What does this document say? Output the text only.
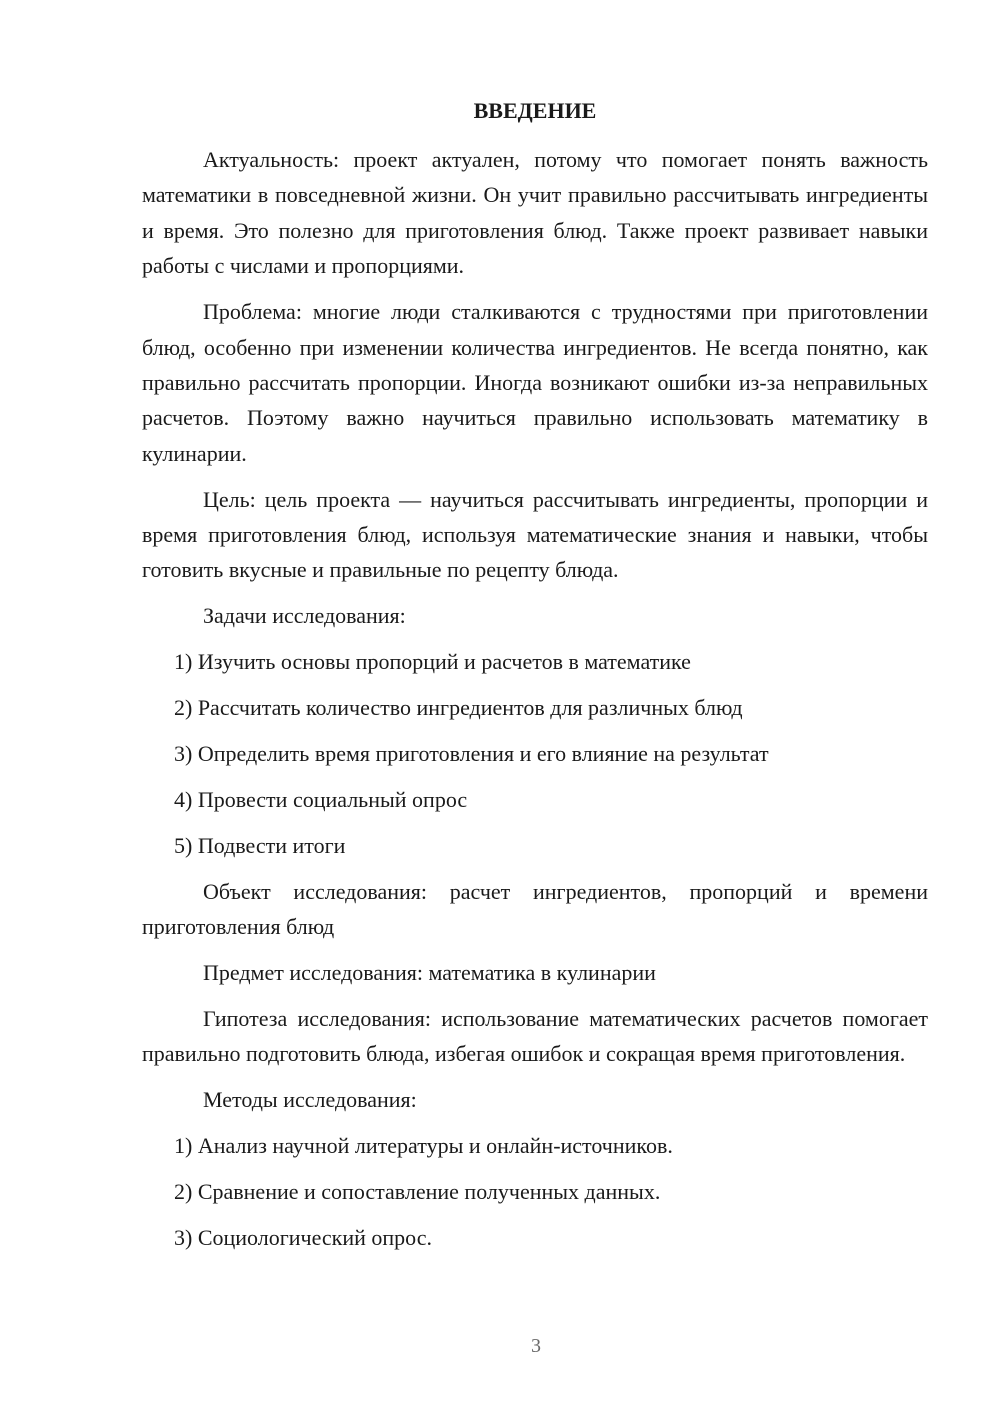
ВВЕДЕНИЕ

Актуальность: проект актуален, потому что помогает понять важность математики в повседневной жизни. Он учит правильно рассчитывать ингредиенты и время. Это полезно для приготовления блюд. Также проект развивает навыки работы с числами и пропорциями.

Проблема: многие люди сталкиваются с трудностями при приготовлении блюд, особенно при изменении количества ингредиентов. Не всегда понятно, как правильно рассчитать пропорции. Иногда возникают ошибки из-за неправильных расчетов. Поэтому важно научиться правильно использовать математику в кулинарии.

Цель: цель проекта — научиться рассчитывать ингредиенты, пропорции и время приготовления блюд, используя математические знания и навыки, чтобы готовить вкусные и правильные по рецепту блюда.

Задачи исследования:

1) Изучить основы пропорций и расчетов в математике
2) Рассчитать количество ингредиентов для различных блюд
3) Определить время приготовления и его влияние на результат
4) Провести социальный опрос
5) Подвести итоги

Объект исследования: расчет ингредиентов, пропорций и времени приготовления блюд

Предмет исследования: математика в кулинарии

Гипотеза исследования: использование математических расчетов помогает правильно подготовить блюда, избегая ошибок и сокращая время приготовления.

Методы исследования:

1) Анализ научной литературы и онлайн-источников.
2) Сравнение и сопоставление полученных данных.
3) Социологический опрос.
3
